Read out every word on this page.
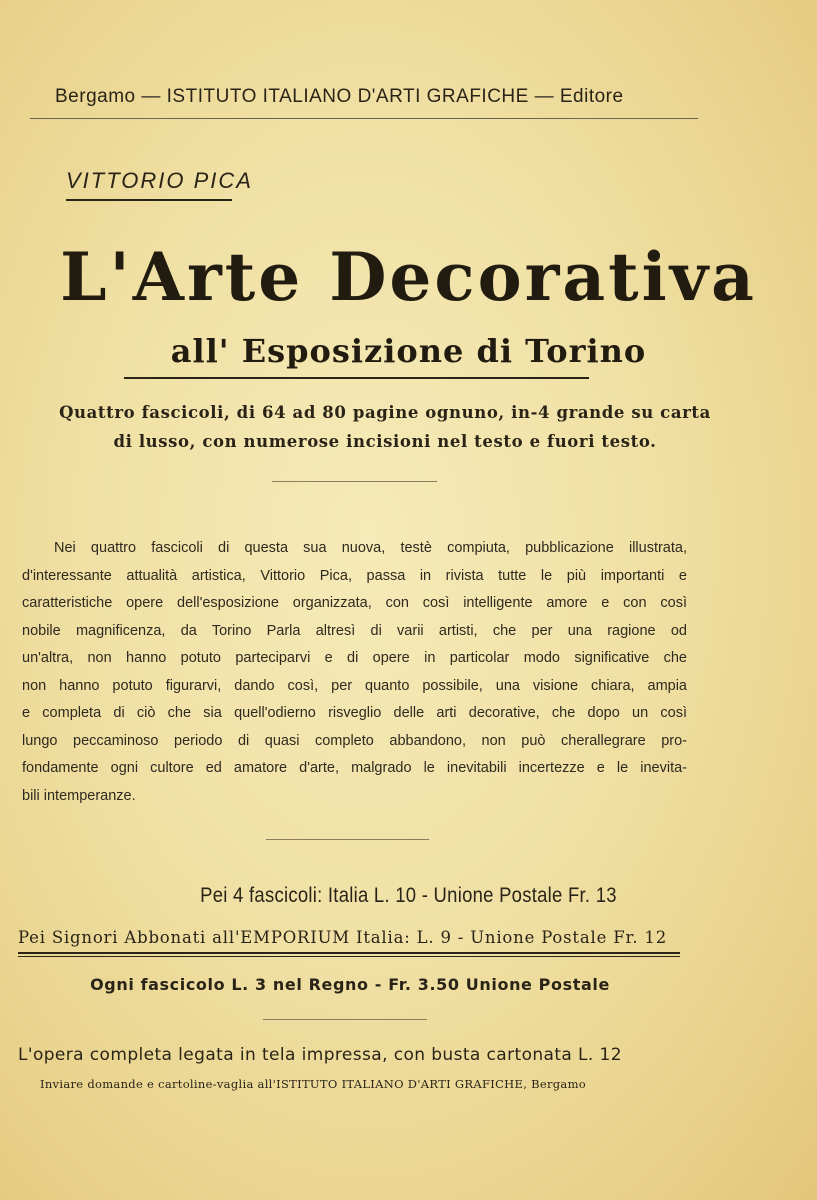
Bergamo — ISTITUTO ITALIANO D'ARTI GRAFICHE — Editore
VITTORIO PICA
L'Arte Decorativa
all' Esposizione di Torino
Quattro fascicoli, di 64 ad 80 pagine ognuno, in-4 grande su carta
di lusso, con numerose incisioni nel testo e fuori testo.
Nei quattro fascicoli di questa sua nuova, testè compiuta, pubblicazione illustrata,
d'interessante attualità artistica, Vittorio Pica, passa in rivista tutte le più importanti e
caratteristiche opere dell'esposizione organizzata, con così intelligente amore e con così
nobile magnificenza, da Torino Parla altresì di varii artisti, che per una ragione od
un'altra, non hanno potuto parteciparvi e di opere in particolar modo significative che
non hanno potuto figurarvi, dando così, per quanto possibile, una visione chiara, ampia
e completa di ciò che sia quell'odierno risveglio delle arti decorative, che dopo un così
lungo peccaminoso periodo di quasi completo abbandono, non può cherallegrare pro-
fondamente ogni cultore ed amatore d'arte, malgrado le inevitabili incertezze e le inevita-
bili intemperanze.
Pei 4 fascicoli: Italia L. 10 - Unione Postale Fr. 13
Pei Signori Abbonati all'EMPORIUM Italia: L. 9 - Unione Postale Fr. 12
Ogni fascicolo L. 3 nel Regno - Fr. 3.50 Unione Postale
L'opera completa legata in tela impressa, con busta cartonata L. 12
Inviare domande e cartoline-vaglia all'ISTITUTO ITALIANO D'ARTI GRAFICHE, Bergamo
